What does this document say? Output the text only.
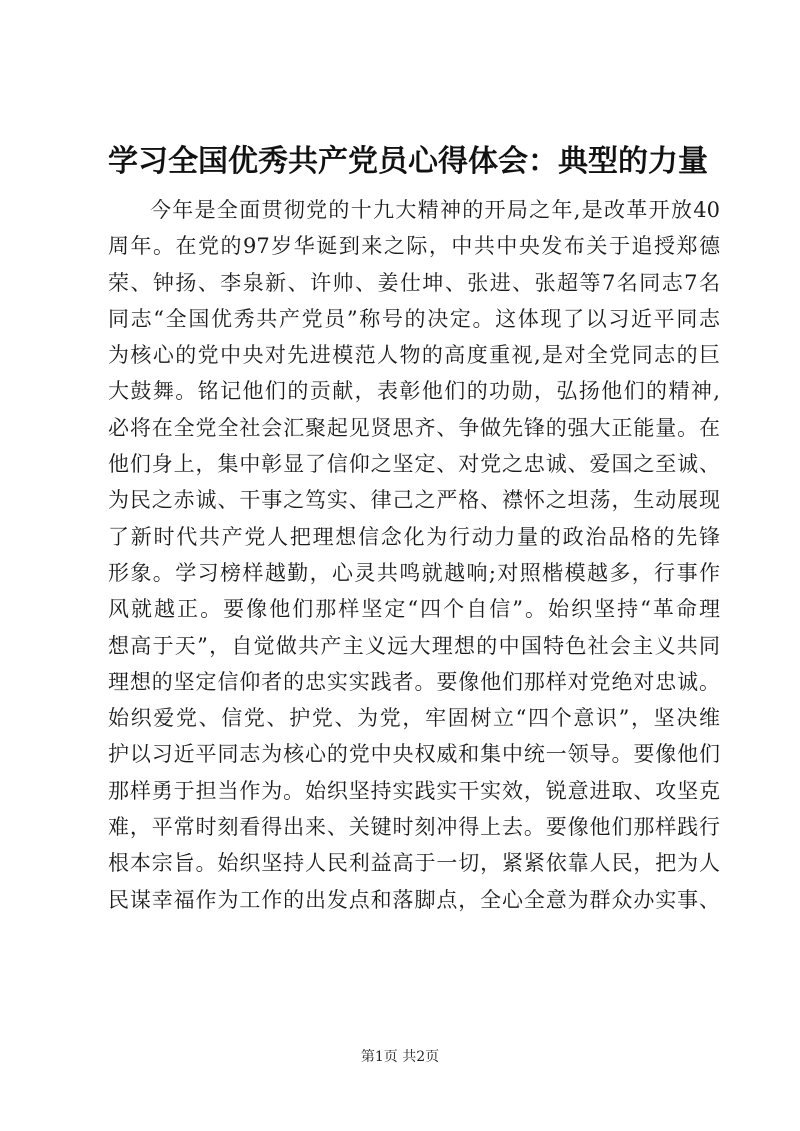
学习全国优秀共产党员心得体会：典型的力量
今年是全面贯彻党的十九大精神的开局之年,是改革开放40
周年。在党的97岁华诞到来之际，中共中央发布关于追授郑德
荣、钟扬、李泉新、许帅、姜仕坤、张进、张超等7名同志7名
同志“全国优秀共产党员”称号的决定。这体现了以习近平同志
为核心的党中央对先进模范人物的高度重视,是对全党同志的巨
大鼓舞。铭记他们的贡献，表彰他们的功勋，弘扬他们的精神,
必将在全党全社会汇聚起见贤思齐、争做先锋的强大正能量。在
他们身上，集中彰显了信仰之坚定、对党之忠诚、爱国之至诚、
为民之赤诚、干事之笃实、律己之严格、襟怀之坦荡，生动展现
了新时代共产党人把理想信念化为行动力量的政治品格的先锋
形象。学习榜样越勤，心灵共鸣就越响;对照楷模越多，行事作
风就越正。要像他们那样坚定“四个自信”。始织坚持“革命理
想高于天”，自觉做共产主义远大理想的中国特色社会主义共同
理想的坚定信仰者的忠实实践者。要像他们那样对党绝对忠诚。
始织爱党、信党、护党、为党，牢固树立“四个意识”，坚决维
护以习近平同志为核心的党中央权威和集中统一领导。要像他们
那样勇于担当作为。始织坚持实践实干实效，锐意进取、攻坚克
难，平常时刻看得出来、关键时刻冲得上去。要像他们那样践行
根本宗旨。始织坚持人民利益高于一切，紧紧依靠人民，把为人
民谋幸福作为工作的出发点和落脚点，全心全意为群众办实事、
第1页 共2页
